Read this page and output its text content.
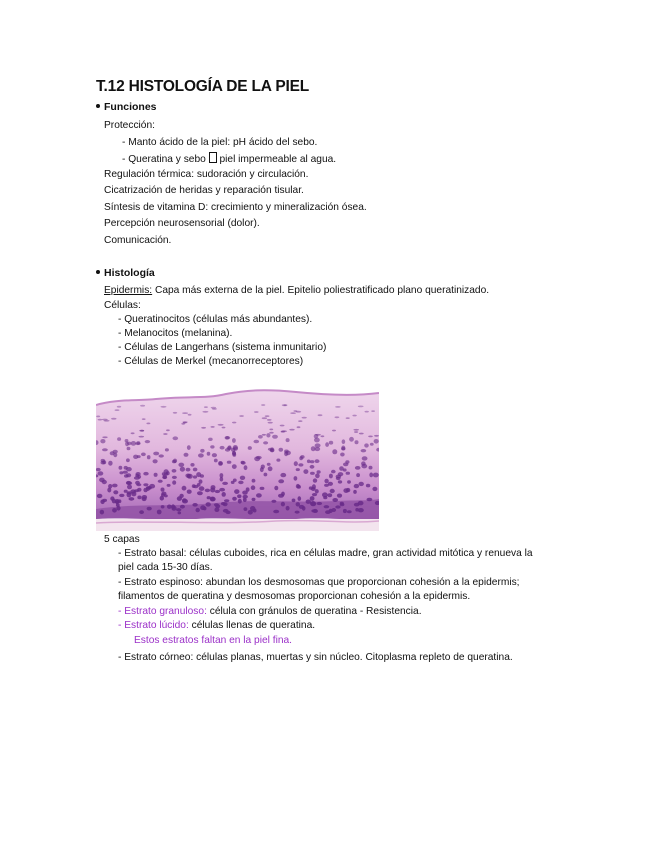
T.12 HISTOLOGÍA DE LA PIEL
Funciones
Protección:
- Manto ácido de la piel: pH ácido del sebo.
- Queratina y sebo  piel impermeable al agua.
Regulación térmica: sudoración y circulación.
Cicatrización de heridas y reparación tisular.
Síntesis de vitamina D: crecimiento y mineralización ósea.
Percepción neurosensorial (dolor).
Comunicación.
Histología
Epidermis: Capa más externa de la piel. Epitelio poliestratificado plano queratinizado.
Células:
- Queratinocitos (células más abundantes).
- Melanocitos (melanina).
- Células de Langerhans (sistema inmunitario)
- Células de Merkel (mecanorreceptores)
5 capas
- Estrato basal: células cuboides, rica en células madre, gran actividad mitótica y renueva la
piel cada 15-30 días.
- Estrato espinoso: abundan los desmosomas que proporcionan cohesión a la epidermis;
filamentos de queratina y desmosomas proporcionan cohesión a la epidermis.
- Estrato granuloso: célula con gránulos de queratina - Resistencia.
- Estrato lúcido: células llenas de queratina.
Estos estratos faltan en la piel fina.
- Estrato córneo: células planas, muertas y sin núcleo. Citoplasma repleto de queratina.
